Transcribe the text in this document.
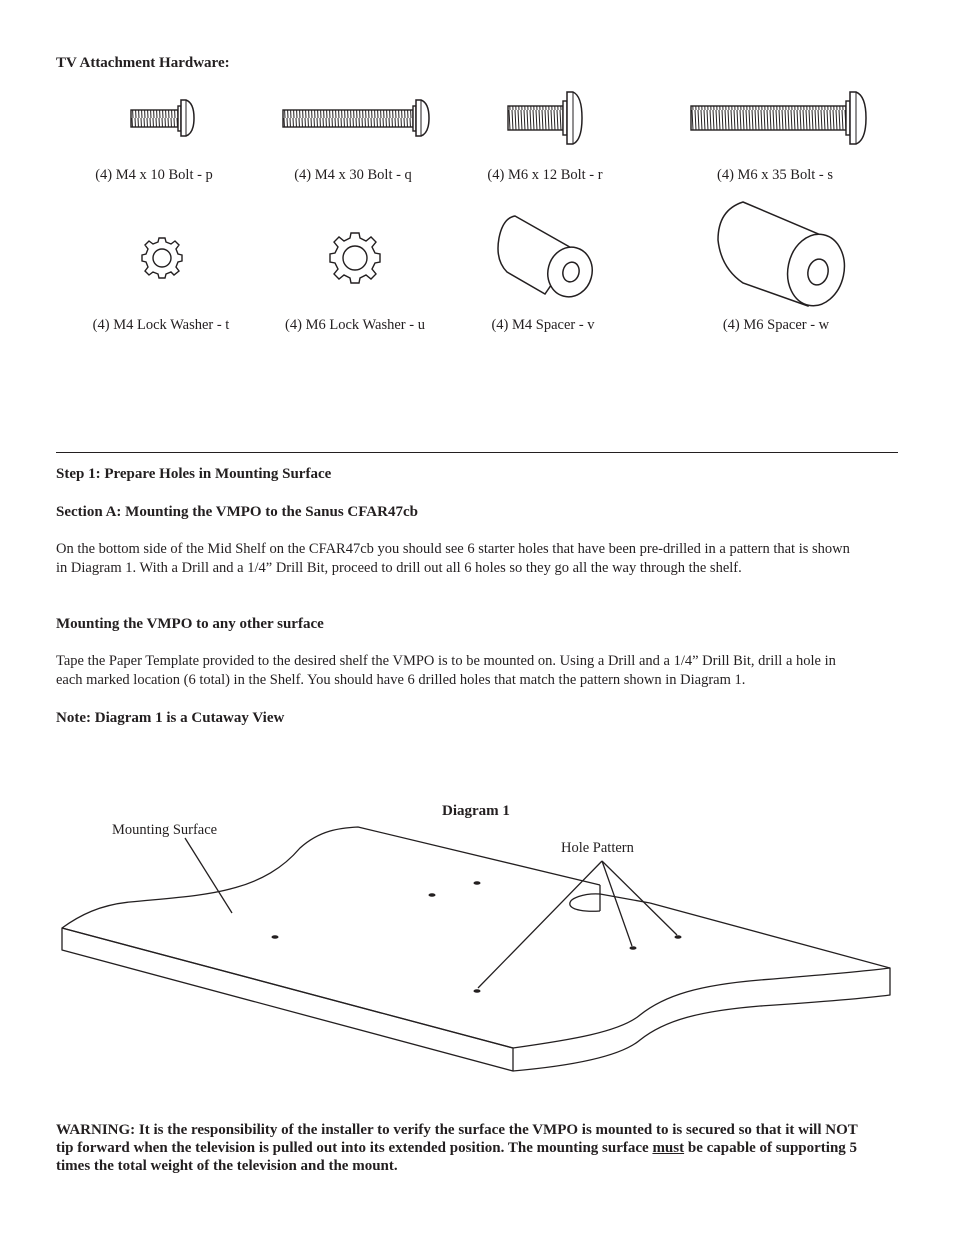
TV Attachment Hardware:
(4) M4 x 10 Bolt - p	(4) M4 x 30 Bolt - q	(4) M6 x 12 Bolt - r	(4) M6 x 35 Bolt - s
(4) M4 Lock Washer - t	(4) M6 Lock Washer - u	(4) M4 Spacer - v	(4) M6 Spacer - w
Step 1: Prepare Holes in Mounting Surface
Section A: Mounting the VMPO to the Sanus CFAR47cb
On the bottom side of the Mid Shelf on the CFAR47cb you should see 6 starter holes that have been pre-drilled in a pattern that is shown
in Diagram 1. With a Drill and a 1/4” Drill Bit, proceed to drill out all 6 holes so they go all the way through the shelf.
Mounting the VMPO to any other surface
Tape the Paper Template provided to the desired shelf the VMPO is to be mounted on. Using a Drill and a 1/4” Drill Bit, drill a hole in
each marked location (6 total) in the Shelf. You should have 6 drilled holes that match the pattern shown in Diagram 1.
Note: Diagram 1 is a Cutaway View
Diagram 1
Mounting Surface
Hole Pattern
WARNING: It is the responsibility of the installer to verify the surface the VMPO is mounted to is secured so that it will NOT
tip forward when the television is pulled out into its extended position. The mounting surface must be capable of supporting 5
times the total weight of the television and the mount.
